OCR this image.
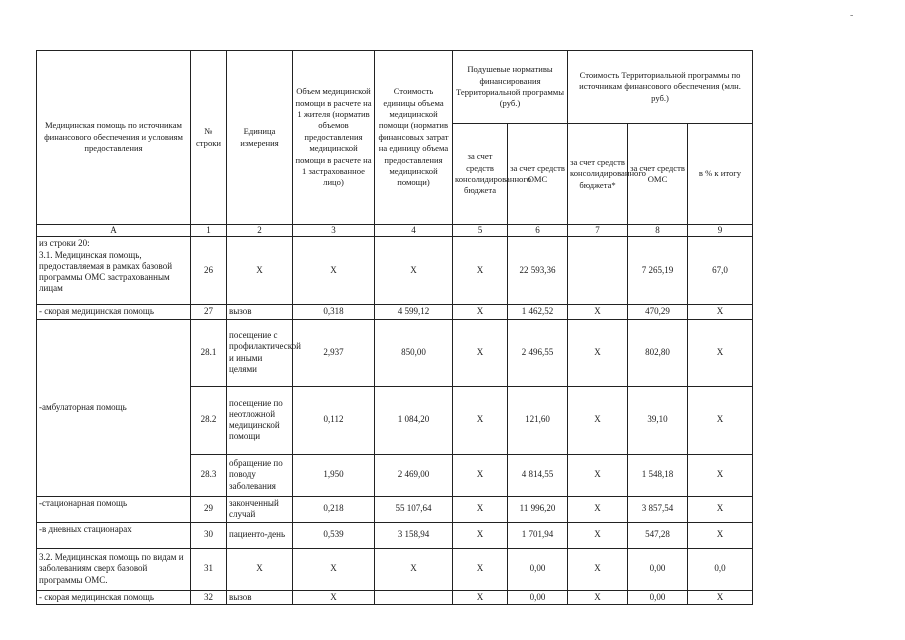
-
Медицинская помощь по источникам финансового обеспечения и условиям предоставления	№ строки	Единица измерения	Объем медицинской помощи в расчете на 1 жителя (норматив объемов предоставления медицинской помощи в расчете на 1 застрахованное лицо)	Стоимость единицы объема медицинской помощи (норматив финансовых затрат на единицу объема предоставления медицинской помощи)	Подушевые нормативы финансирования Территориальной программы (руб.)		Стоимость Территориальной программы по источникам финансового обеспечения (млн. руб.)		
					за счет средств консолидированного бюджета	за счет средств ОМС	за счет средств консолидированного бюджета*	за счет средств ОМС	в % к итогу
А	1	2	3	4	5	6	7	8	9
из строки 20:
3.1. Медицинская помощь, предоставляемая в рамках базовой программы ОМС застрахованным лицам	26	Х	Х	Х	Х	22 593,36		7 265,19	67,0
- скорая медицинская помощь	27	вызов	0,318	4 599,12	Х	1 462,52	Х	470,29	Х
-амбулаторная помощь	28.1	посещение с профилактической и иными целями	2,937	850,00	Х	2 496,55	Х	802,80	Х
	28.2	посещение по неотложной медицинской помощи	0,112	1 084,20	Х	121,60	Х	39,10	Х
	28.3	обращение по поводу заболевания	1,950	2 469,00	Х	4 814,55	Х	1 548,18	Х
-стационарная помощь	29	законченный случай	0,218	55 107,64	Х	11 996,20	Х	3 857,54	Х
-в дневных стационарах	30	пациенто-день	0,539	3 158,94	Х	1 701,94	Х	547,28	Х
3.2. Медицинская помощь по видам и заболеваниям сверх базовой программы ОМС.	31	Х	Х	Х	Х	0,00	Х	0,00	0,0
- скорая медицинская помощь	32	вызов	Х		Х	0,00	Х	0,00	Х
